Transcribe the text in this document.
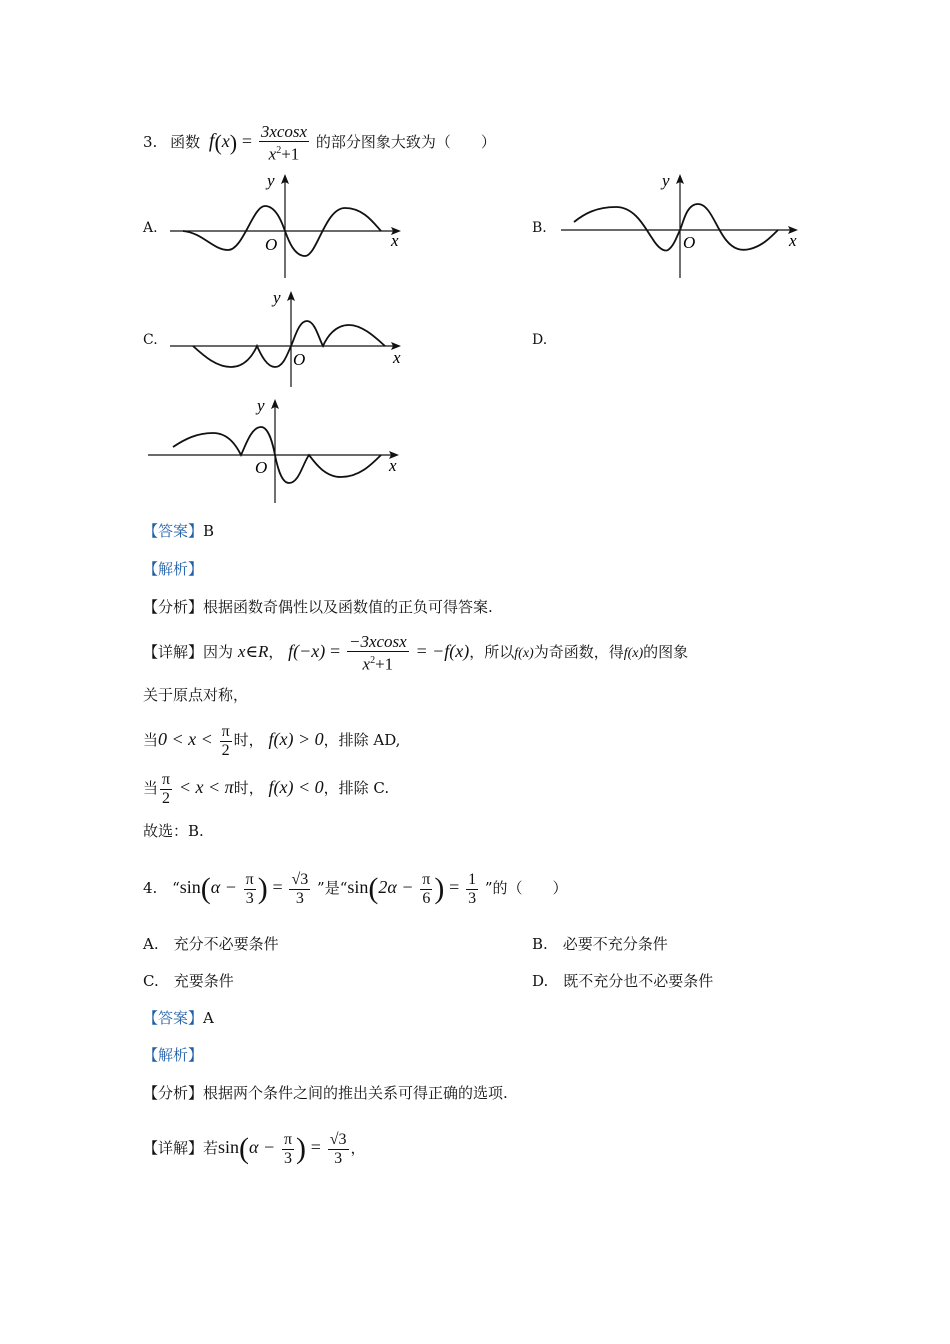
3. 函数 $f(x) = \frac{3xcosx}{x^2+1}$ 的部分图象大致为（　　）
A.	B.
C.	D.
y
x
O
y
x
O
y
x
O
y
x
O
【答案】B
【解析】
【分析】根据函数奇偶性以及函数值的正负可得答案.
【详解】因为 x∈R， $f(-x) = \frac{-3xcosx}{x^2+1} = -f(x)$，所以f(x)为奇函数，得f(x)的图象
关于原点对称，
当$0 < x < \frac{\pi}{2}$ 时， f(x) > 0，排除 AD,
当 $\frac{\pi}{2} < x < \pi$时， f(x) < 0，排除 C.
故选：B.
4. “$\sin(\alpha - \frac{\pi}{3}$ ) = $\frac{√3}{3}$ ”是“$\sin(2\alpha - \frac{\pi}{6}$ ) = $\frac{1}{3}$ ”的（　　）
A.　充分不必要条件	B.　必要不充分条件
C.　充要条件	D.　既不充分也不必要条件
【答案】A
【解析】
【分析】根据两个条件之间的推出关系可得正确的选项.
【详解】若$\sin(\alpha - \frac{\pi}{3}$ ) = $\frac{√3}{3}$ ，
